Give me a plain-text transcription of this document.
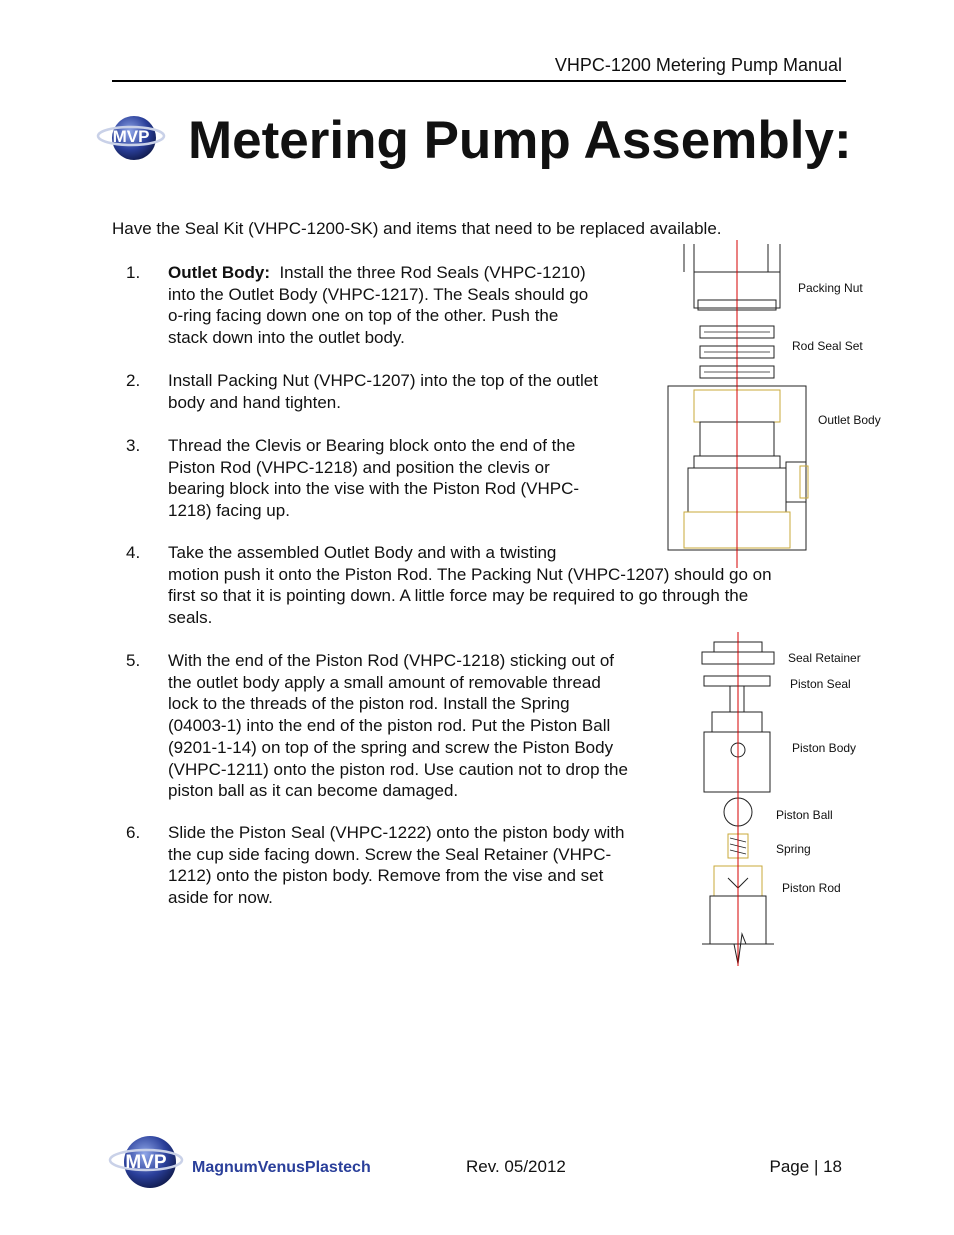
VHPC-1200 Metering Pump Manual
MVP Metering Pump Assembly:
Have the Seal Kit (VHPC-1200-SK) and items that need to be replaced available.
1. Outlet Body: Install the three Rod Seals (VHPC-1210)
into the Outlet Body (VHPC-1217). The Seals should go
o-ring facing down one on top of the other. Push the
stack down into the outlet body.
2. Install Packing Nut (VHPC-1207) into the top of the outlet
body and hand tighten.
3. Thread the Clevis or Bearing block onto the end of the
Piston Rod (VHPC-1218) and position the clevis or
bearing block into the vise with the Piston Rod (VHPC-
1218) facing up.
4. Take the assembled Outlet Body and with a twisting
motion push it onto the Piston Rod. The Packing Nut (VHPC-1207) should go on
first so that it is pointing down. A little force may be required to go through the
seals.
5. With the end of the Piston Rod (VHPC-1218) sticking out of
the outlet body apply a small amount of removable thread
lock to the threads of the piston rod. Install the Spring
(04003-1) into the end of the piston rod. Put the Piston Ball
(9201-1-14) on top of the spring and screw the Piston Body
(VHPC-1211) onto the piston rod. Use caution not to drop the
piston ball as it can become damaged.
6. Slide the Piston Seal (VHPC-1222) onto the piston body with
the cup side facing down. Screw the Seal Retainer (VHPC-
1212) onto the piston body. Remove from the vise and set
aside for now.
Packing Nut
Rod Seal Set
Outlet Body
Seal Retainer
Piston Seal
Piston Body
Piston Ball
Spring
Piston Rod
MVP MagnumVenusPlastech	Rev. 05/2012	Page | 18
